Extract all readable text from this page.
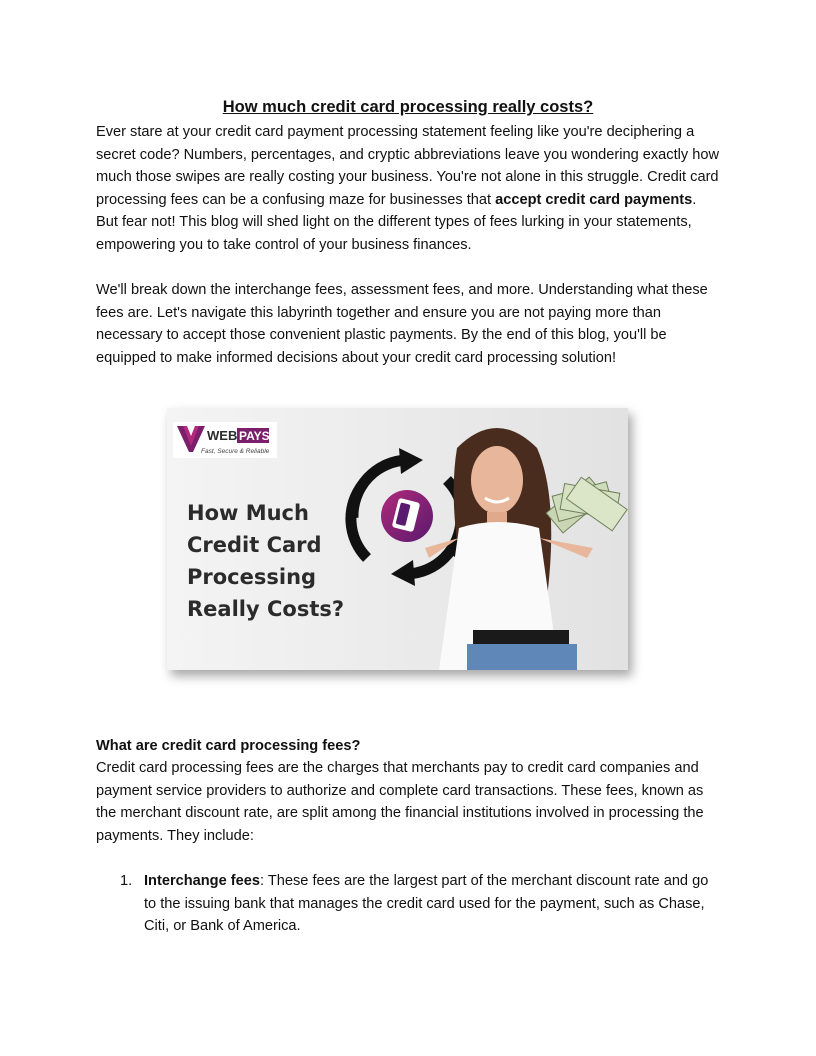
How much credit card processing really costs?

Ever stare at your credit card payment processing statement feeling like you're deciphering a secret code? Numbers, percentages, and cryptic abbreviations leave you wondering exactly how much those swipes are really costing your business. You're not alone in this struggle. Credit card processing fees can be a confusing maze for businesses that accept credit card payments. But fear not! This blog will shed light on the different types of fees lurking in your statements, empowering you to take control of your business finances.

We'll break down the interchange fees, assessment fees, and more. Understanding what these fees are. Let's navigate this labyrinth together and ensure you are not paying more than necessary to accept those convenient plastic payments. By the end of this blog, you'll be equipped to make informed decisions about your credit card processing solution!

WEB PAYS
Fast, Secure & Reliable
How Much
Credit Card
Processing
Really Costs?

What are credit card processing fees?

Credit card processing fees are the charges that merchants pay to credit card companies and payment service providers to authorize and complete card transactions. These fees, known as the merchant discount rate, are split among the financial institutions involved in processing the payments. They include:

1. Interchange fees: These fees are the largest part of the merchant discount rate and go to the issuing bank that manages the credit card used for the payment, such as Chase, Citi, or Bank of America.
